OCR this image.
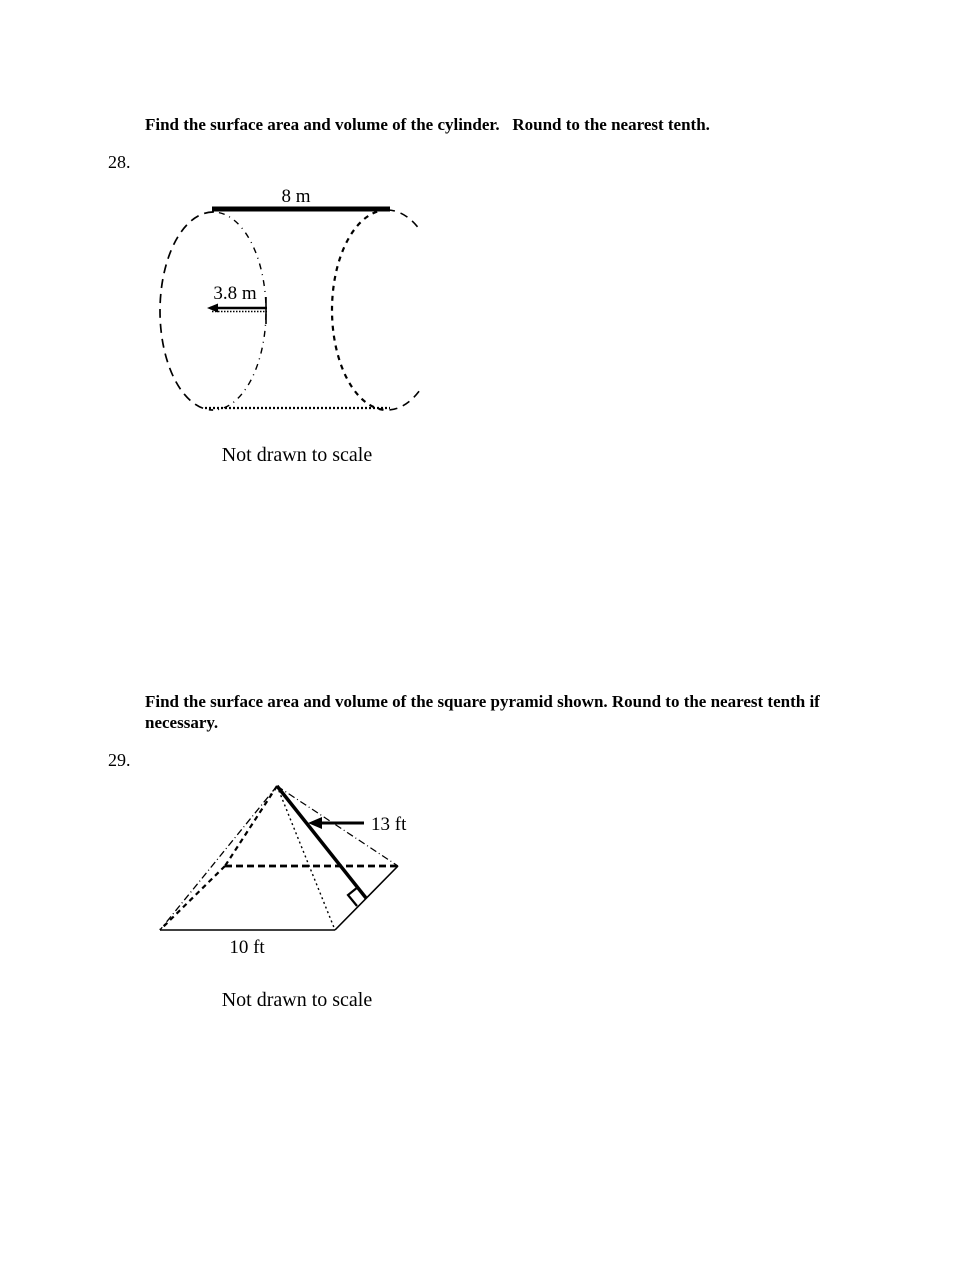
Find the surface area and volume of the cylinder.   Round to the nearest tenth.
28.
8 m
3.8 m
Not drawn to scale
Find the surface area and volume of the square pyramid shown. Round to the nearest tenth if necessary.
29.
13 ft
10 ft
Not drawn to scale
